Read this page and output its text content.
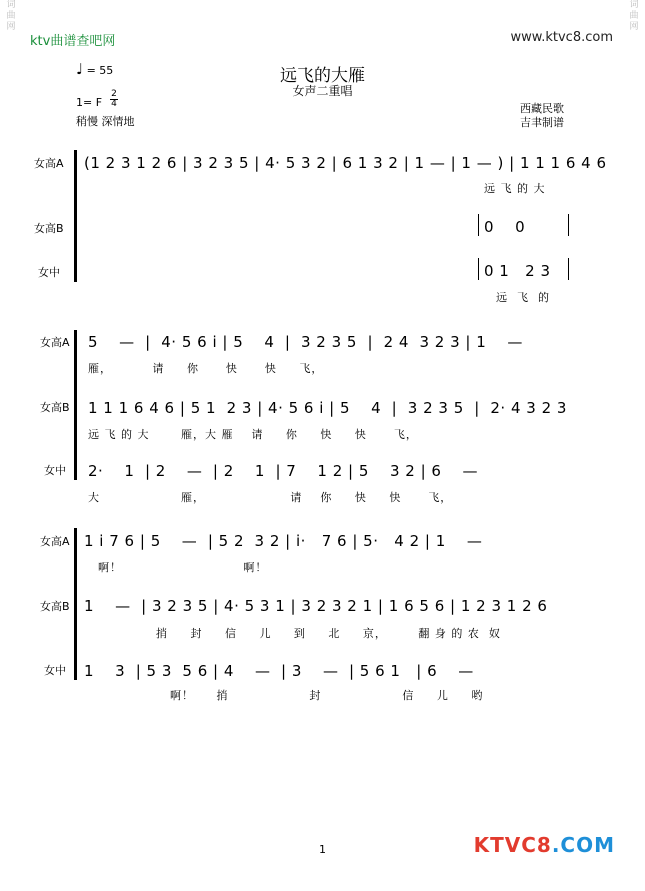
词
曲
网
词
曲
网
ktv曲谱查吧网	www.ktvc8.com
远飞的大雁
女声二重唱
♩ = 55
1= F
2
4
稍慢 深情地
西藏民歌
吉聿制谱
女高A
女高B
女中
(1 2 3 1 2 6 | 3 2 3 5 | 4· 5 3 2 | 6 1 3 2 | 1 — | 1 — ) | 1 1 1 6 4 6
远 飞 的 大
0    0
0 1   2 3
远  飞  的
女高A
女高B
女中
5    —  |  4· 5 6 i | 5    4  |  3 2 3 5  |  2 4  3 2 3 | 1    —
雁，         请     你      快      快     飞，
1 1 1 6 4 6 | 5 1  2 3 | 4· 5 6 i | 5    4  |  3 2 3 5  |  2· 4 3 2 3
远 飞 的 大       雁，大 雁    请     你     快     快      飞，
2·    1  | 2    —  | 2    1  | 7    1 2 | 5    3 2 | 6    —
大                  雁，                   请    你     快     快      飞，
女高A
女高B
女中
1 i 7 6 | 5    —  | 5 2  3 2 | i·   7 6 | 5·   4 2 | 1    —
啊！                           啊！
1    —  | 3 2 3 5 | 4· 5 3 1 | 3 2 3 2 1 | 1 6 5 6 | 1 2 3 1 2 6
捎     封     信     儿     到     北     京，       翻 身 的 农  奴
1    3  | 5 3  5 6 | 4    —  | 3    —  | 5 6 1   | 6    —
啊！     捎                  封                  信     儿     哟
1	KTVC8.COM
